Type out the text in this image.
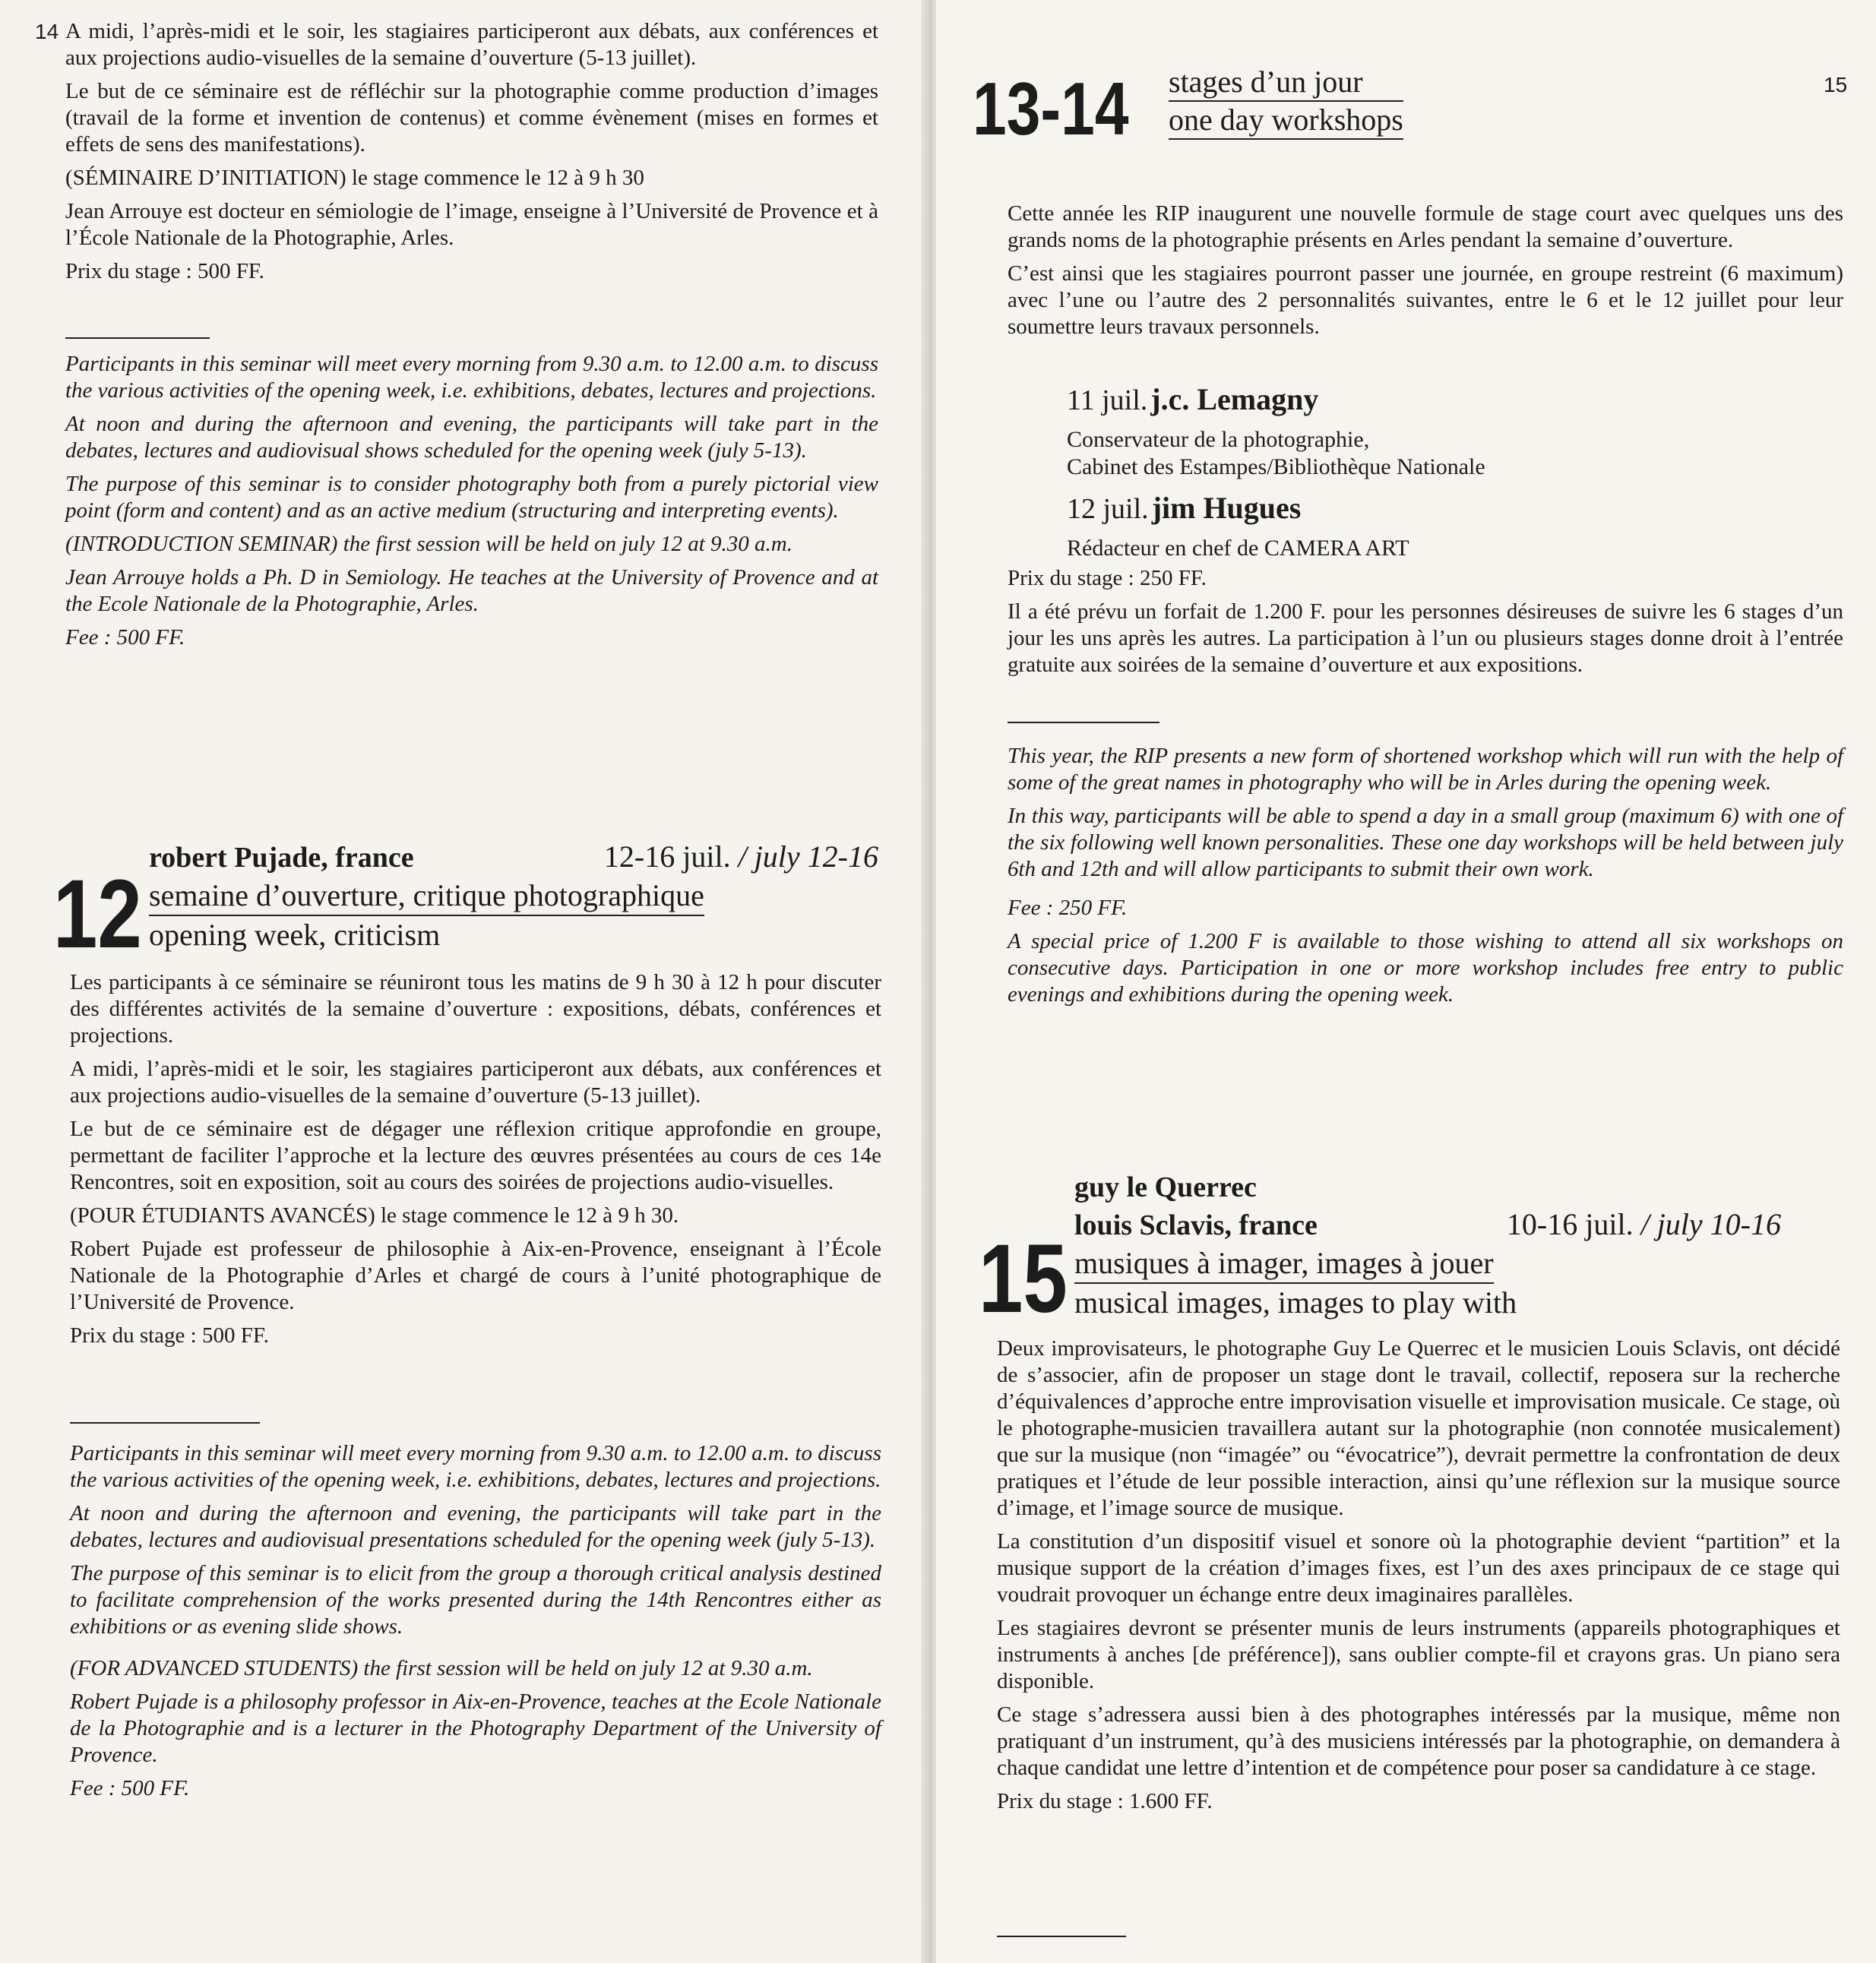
14 A midi, l’après-midi et le soir, les stagiaires participeront aux débats, aux conférences et aux projections audio-visuelles de la semaine d’ouverture (5-13 juillet).

Le but de ce séminaire est de réfléchir sur la photographie comme production d’images (travail de la forme et invention de contenus) et comme évènement (mises en formes et effets de sens des manifestations).

(SÉMINAIRE D’INITIATION) le stage commence le 12 à 9 h 30

Jean Arrouye est docteur en sémiologie de l’image, enseigne à l’Université de Provence et à l’École Nationale de la Photographie, Arles.

Prix du stage : 500 FF.

Participants in this seminar will meet every morning from 9.30 a.m. to 12.00 a.m. to discuss the various activities of the opening week, i.e. exhibitions, debates, lectures and projections.

At noon and during the afternoon and evening, the participants will take part in the debates, lectures and audiovisual shows scheduled for the opening week (july 5-13).

The purpose of this seminar is to consider photography both from a purely pictorial view point (form and content) and as an active medium (structuring and interpreting events).

(INTRODUCTION SEMINAR) the first session will be held on july 12 at 9.30 a.m.

Jean Arrouye holds a Ph. D in Semiology. He teaches at the University of Provence and at the Ecole Nationale de la Photographie, Arles.

Fee : 500 FF.

12
robert Pujade, france	12-16 juil. / july 12-16
semaine d’ouverture, critique photographique
opening week, criticism

Les participants à ce séminaire se réuniront tous les matins de 9 h 30 à 12 h pour discuter des différentes activités de la semaine d’ouverture : expositions, débats, conférences et projections.

A midi, l’après-midi et le soir, les stagiaires participeront aux débats, aux conférences et aux projections audio-visuelles de la semaine d’ouverture (5-13 juillet).

Le but de ce séminaire est de dégager une réflexion critique approfondie en groupe, permettant de faciliter l’approche et la lecture des œuvres présentées au cours de ces 14e Rencontres, soit en exposition, soit au cours des soirées de projections audio-visuelles.

(POUR ÉTUDIANTS AVANCÉS) le stage commence le 12 à 9 h 30.

Robert Pujade est professeur de philosophie à Aix-en-Provence, enseignant à l’École Nationale de la Photographie d’Arles et chargé de cours à l’unité photographique de l’Université de Provence.

Prix du stage : 500 FF.

Participants in this seminar will meet every morning from 9.30 a.m. to 12.00 a.m. to discuss the various activities of the opening week, i.e. exhibitions, debates, lectures and projections.

At noon and during the afternoon and evening, the participants will take part in the debates, lectures and audiovisual presentations scheduled for the opening week (july 5-13).

The purpose of this seminar is to elicit from the group a thorough critical analysis destined to facilitate comprehension of the works presented during the 14th Rencontres either as exhibitions or as evening slide shows.

(FOR ADVANCED STUDENTS) the first session will be held on july 12 at 9.30 a.m.

Robert Pujade is a philosophy professor in Aix-en-Provence, teaches at the Ecole Nationale de la Photographie and is a lecturer in the Photography Department of the University of Provence.

Fee : 500 FF.

15
13-14 stages d’un jour
one day workshops

Cette année les RIP inaugurent une nouvelle formule de stage court avec quelques uns des grands noms de la photographie présents en Arles pendant la semaine d’ouverture.

C’est ainsi que les stagiaires pourront passer une journée, en groupe restreint (6 maximum) avec l’une ou l’autre des 2 personnalités suivantes, entre le 6 et le 12 juillet pour leur soumettre leurs travaux personnels.

11 juil. j.c. Lemagny
Conservateur de la photographie,
Cabinet des Estampes/Bibliothèque Nationale
12 juil. jim Hugues
Rédacteur en chef de CAMERA ART

Prix du stage : 250 FF.

Il a été prévu un forfait de 1.200 F. pour les personnes désireuses de suivre les 6 stages d’un jour les uns après les autres. La participation à l’un ou plusieurs stages donne droit à l’entrée gratuite aux soirées de la semaine d’ouverture et aux expositions.

This year, the RIP presents a new form of shortened workshop which will run with the help of some of the great names in photography who will be in Arles during the opening week.

In this way, participants will be able to spend a day in a small group (maximum 6) with one of the six following well known personalities. These one day workshops will be held between july 6th and 12th and will allow participants to submit their own work.

Fee : 250 FF.

A special price of 1.200 F is available to those wishing to attend all six workshops on consecutive days. Participation in one or more workshop includes free entry to public evenings and exhibitions during the opening week.

15
guy le Querrec
louis Sclavis, france	10-16 juil. / july 10-16
musiques à imager, images à jouer
musical images, images to play with

Deux improvisateurs, le photographe Guy Le Querrec et le musicien Louis Sclavis, ont décidé de s’associer, afin de proposer un stage dont le travail, collectif, reposera sur la recherche d’équivalences d’approche entre improvisation visuelle et improvisation musicale. Ce stage, où le photographe-musicien travaillera autant sur la photographie (non connotée musicalement) que sur la musique (non “imagée” ou “évocatrice”), devrait permettre la confrontation de deux pratiques et l’étude de leur possible interaction, ainsi qu’une réflexion sur la musique source d’image, et l’image source de musique.

La constitution d’un dispositif visuel et sonore où la photographie devient “partition” et la musique support de la création d’images fixes, est l’un des axes principaux de ce stage qui voudrait provoquer un échange entre deux imaginaires parallèles.

Les stagiaires devront se présenter munis de leurs instruments (appareils photographiques et instruments à anches [de préférence]), sans oublier compte-fil et crayons gras. Un piano sera disponible.

Ce stage s’adressera aussi bien à des photographes intéressés par la musique, même non pratiquant d’un instrument, qu’à des musiciens intéressés par la photographie, on demandera à chaque candidat une lettre d’intention et de compétence pour poser sa candidature à ce stage.

Prix du stage : 1.600 FF.
